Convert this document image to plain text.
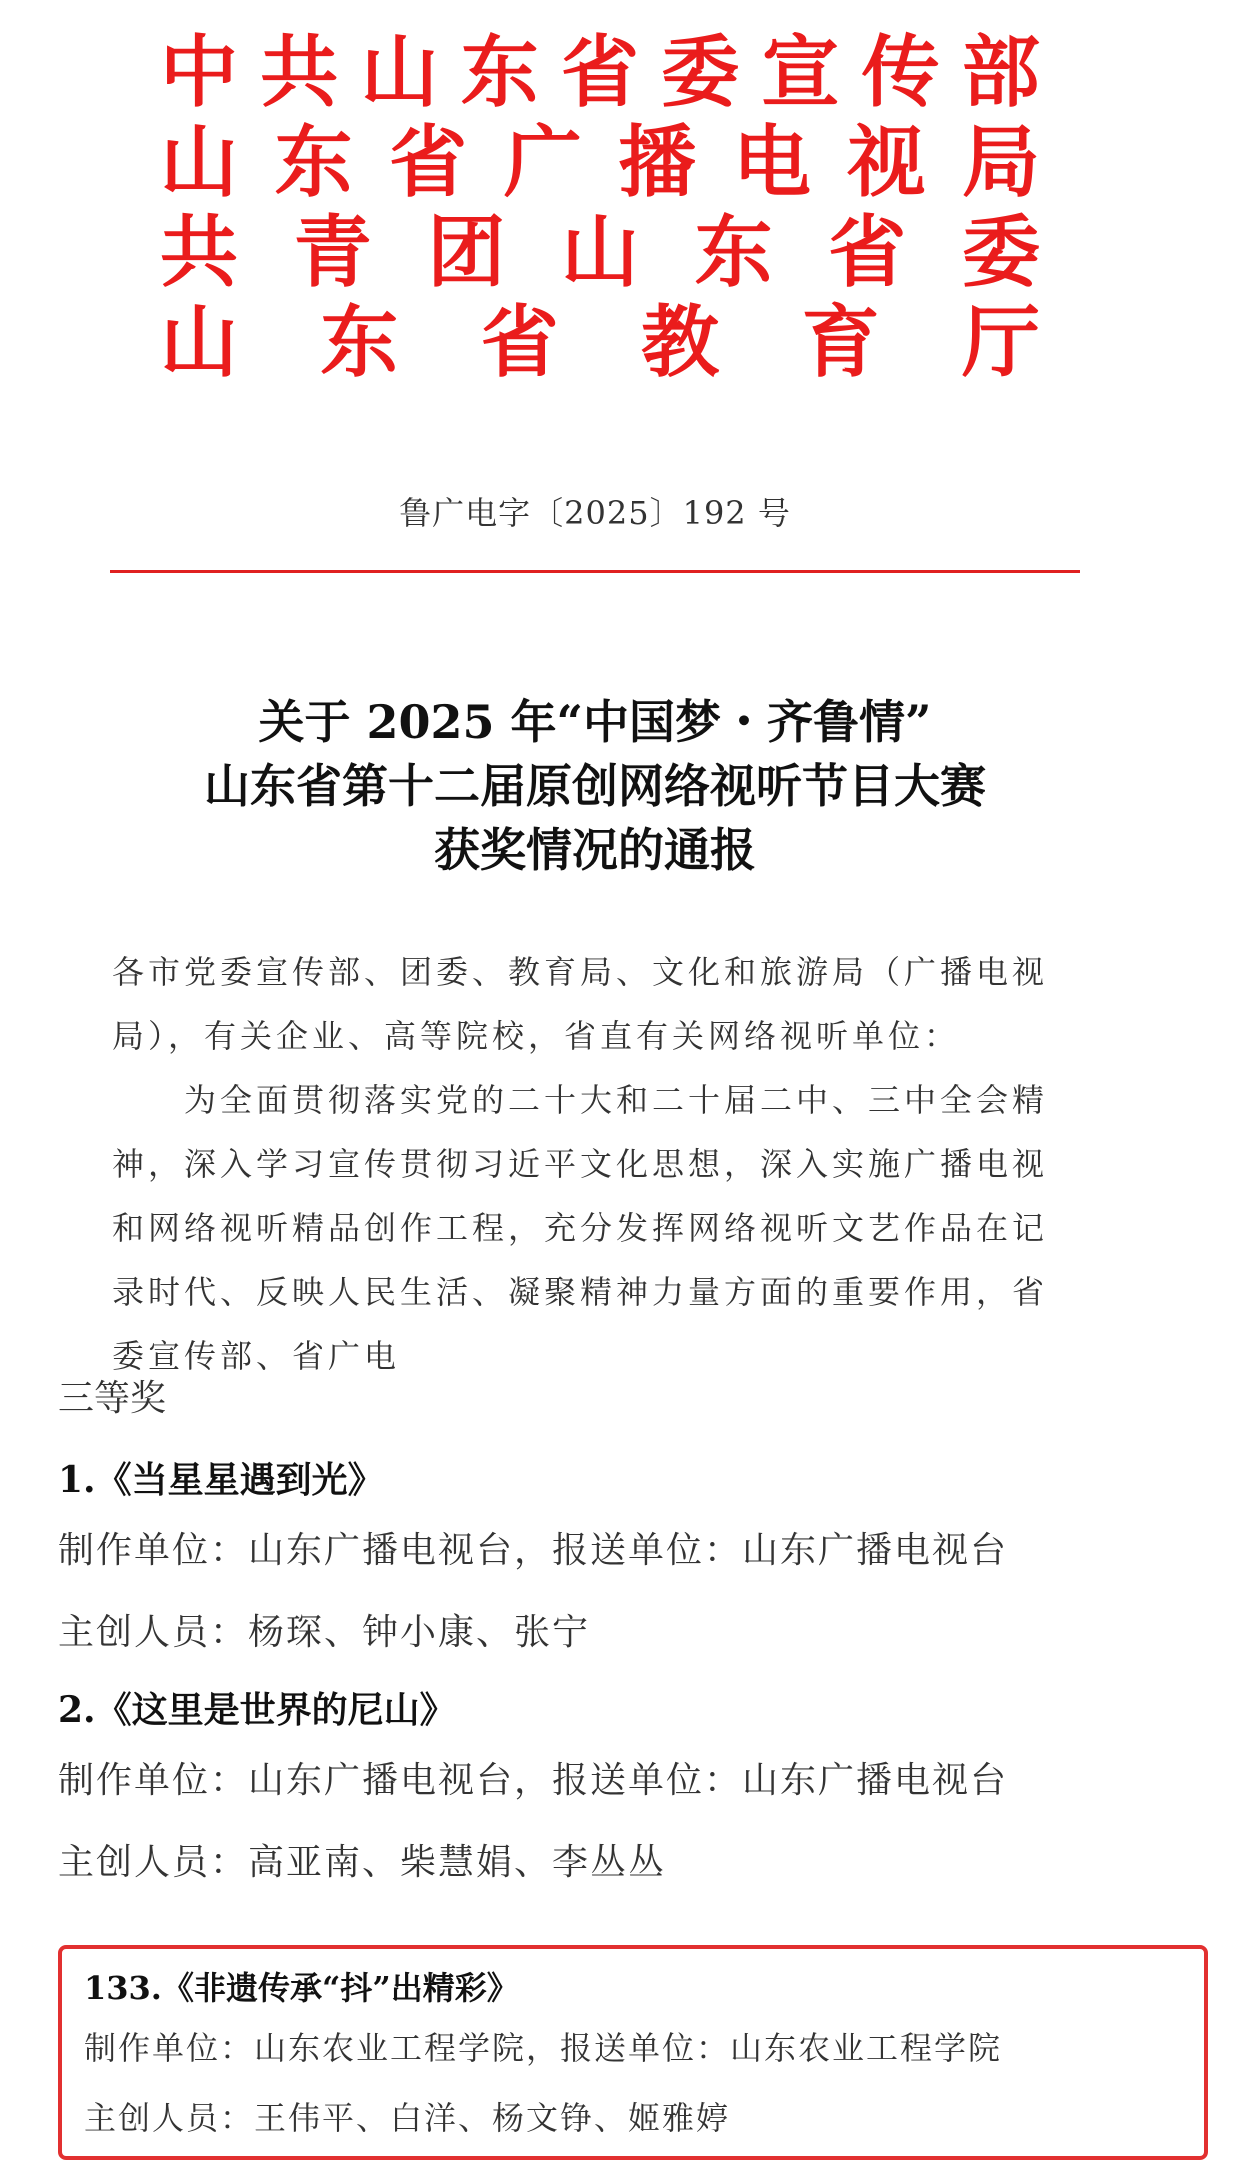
中 共 山 东 省 委 宣 传 部
山 东 省 广 播 电 视 局
共 青 团 山 东 省 委
山 东 省 教 育 厅
鲁广电字〔2025〕192 号
关于 2025 年“中国梦・齐鲁情”
山东省第十二届原创网络视听节目大赛
获奖情况的通报
各市党委宣传部、团委、教育局、文化和旅游局（广播电视局），有关企业、高等院校，省直有关网络视听单位：
为全面贯彻落实党的二十大和二十届二中、三中全会精神，深入学习宣传贯彻习近平文化思想，深入实施广播电视和网络视听精品创作工程，充分发挥网络视听文艺作品在记录时代、反映人民生活、凝聚精神力量方面的重要作用，省委宣传部、省广电
三等奖
1.《当星星遇到光》
制作单位：山东广播电视台，报送单位：山东广播电视台
主创人员：杨琛、钟小康、张宁
2.《这里是世界的尼山》
制作单位：山东广播电视台，报送单位：山东广播电视台
主创人员：高亚南、柴慧娟、李丛丛
133.《非遗传承“抖”出精彩》
制作单位：山东农业工程学院，报送单位：山东农业工程学院
主创人员：王伟平、白洋、杨文铮、姬雅婷
